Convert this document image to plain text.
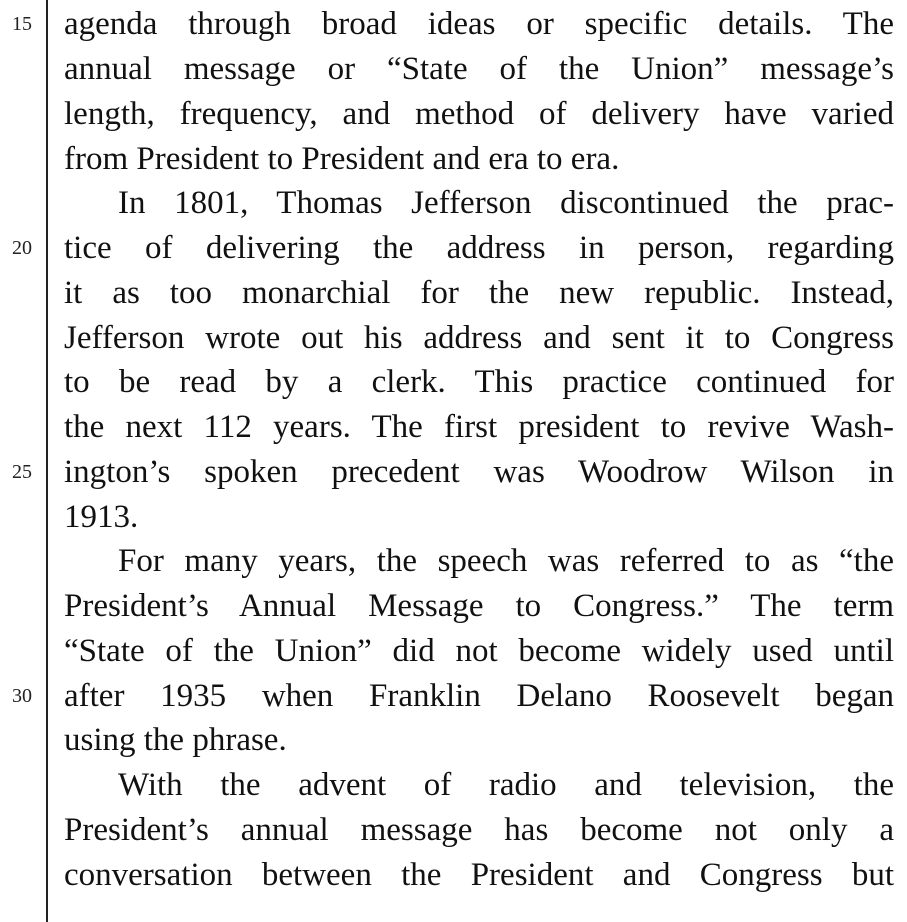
15
20
25
30
agenda through broad ideas or specific details. The
annual message or “State of the Union” message’s
length, frequency, and method of delivery have varied
from President to President and era to era.
In 1801, Thomas Jefferson discontinued the prac-
tice of delivering the address in person, regarding
it as too monarchial for the new republic. Instead,
Jefferson wrote out his address and sent it to Congress
to be read by a clerk. This practice continued for
the next 112 years. The first president to revive Wash-
ington’s spoken precedent was Woodrow Wilson in
1913.
For many years, the speech was referred to as “the
President’s Annual Message to Congress.” The term
“State of the Union” did not become widely used until
after 1935 when Franklin Delano Roosevelt began
using the phrase.
With the advent of radio and television, the
President’s annual message has become not only a
conversation between the President and Congress but
